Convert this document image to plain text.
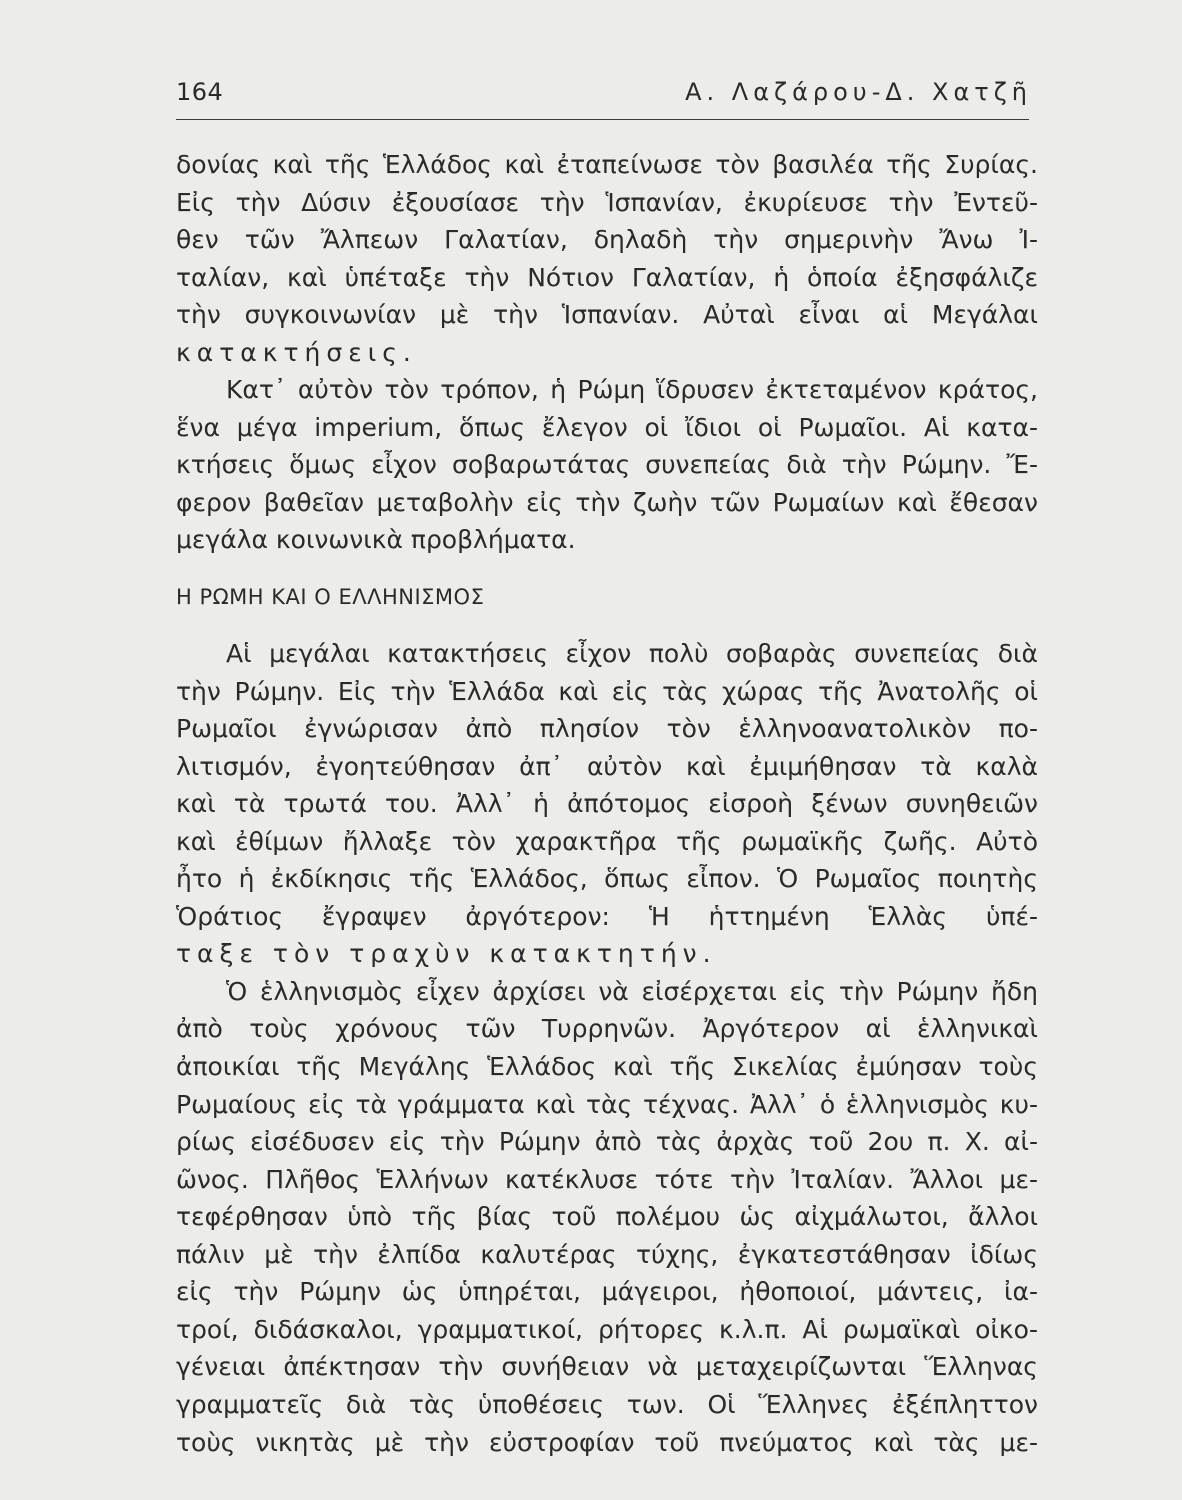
164	Α. Λαζάρου-Δ. Χατζῆ
δονίας καὶ τῆς Ἑλλάδος καὶ ἐταπείνωσε τὸν βασιλέα τῆς Συρίας.
Εἰς τὴν Δύσιν ἐξουσίασε τὴν Ἱσπανίαν, ἐκυρίευσε τὴν Ἐντεῦ-
θεν τῶν Ἄλπεων Γαλατίαν, δηλαδὴ τὴν σημερινὴν Ἄνω Ἰ-
ταλίαν, καὶ ὑπέταξε τὴν Νότιον Γαλατίαν, ἡ ὁποία ἐξησφάλιζε
τὴν συγκοινωνίαν μὲ τὴν Ἱσπανίαν. Αὐταὶ εἶναι αἱ Μεγάλαι
κατακτήσεις.
Κατ᾽ αὐτὸν τὸν τρόπον, ἡ Ρώμη ἵδρυσεν ἐκτεταμένον κράτος,
ἕνα μέγα imperium, ὅπως ἔλεγον οἱ ἴδιοι οἱ Ρωμαῖοι. Αἱ κατα-
κτήσεις ὅμως εἶχον σοβαρωτάτας συνεπείας διὰ τὴν Ρώμην. Ἔ-
φερον βαθεῖαν μεταβολὴν εἰς τὴν ζωὴν τῶν Ρωμαίων καὶ ἔθεσαν
μεγάλα κοινωνικὰ προβλήματα.
Η ΡΩΜΗ ΚΑΙ Ο ΕΛΛΗΝΙΣΜΟΣ
Αἱ μεγάλαι κατακτήσεις εἶχον πολὺ σοβαρὰς συνεπείας διὰ
τὴν Ρώμην. Εἰς τὴν Ἑλλάδα καὶ εἰς τὰς χώρας τῆς Ἀνατολῆς οἱ
Ρωμαῖοι ἐγνώρισαν ἀπὸ πλησίον τὸν ἑλληνοανατολικὸν πο-
λιτισμόν, ἐγοητεύθησαν ἀπ᾽ αὐτὸν καὶ ἐμιμήθησαν τὰ καλὰ
καὶ τὰ τρωτά του. Ἀλλ᾽ ἡ ἀπότομος εἰσροὴ ξένων συνηθειῶν
καὶ ἐθίμων ἤλλαξε τὸν χαρακτῆρα τῆς ρωμαϊκῆς ζωῆς. Αὐτὸ
ἦτο ἡ ἐκδίκησις τῆς Ἑλλάδος, ὅπως εἶπον. Ὁ Ρωμαῖος ποιητὴς
Ὁράτιος ἔγραψεν ἀργότερον: Ἡ ἡττημένη Ἑλλὰς ὑπέ-
ταξε τὸν τραχὺν κατακτητήν.
Ὁ ἑλληνισμὸς εἶχεν ἀρχίσει νὰ εἰσέρχεται εἰς τὴν Ρώμην ἤδη
ἀπὸ τοὺς χρόνους τῶν Τυρρηνῶν. Ἀργότερον αἱ ἑλληνικαὶ
ἀποικίαι τῆς Μεγάλης Ἑλλάδος καὶ τῆς Σικελίας ἐμύησαν τοὺς
Ρωμαίους εἰς τὰ γράμματα καὶ τὰς τέχνας. Ἀλλ᾽ ὁ ἑλληνισμὸς κυ-
ρίως εἰσέδυσεν εἰς τὴν Ρώμην ἀπὸ τὰς ἀρχὰς τοῦ 2ου π. Χ. αἰ-
ῶνος. Πλῆθος Ἑλλήνων κατέκλυσε τότε τὴν Ἰταλίαν. Ἄλλοι με-
τεφέρθησαν ὑπὸ τῆς βίας τοῦ πολέμου ὡς αἰχμάλωτοι, ἄλλοι
πάλιν μὲ τὴν ἐλπίδα καλυτέρας τύχης, ἐγκατεστάθησαν ἰδίως
εἰς τὴν Ρώμην ὡς ὑπηρέται, μάγειροι, ἠθοποιοί, μάντεις, ἰα-
τροί, διδάσκαλοι, γραμματικοί, ρήτορες κ.λ.π. Αἱ ρωμαϊκαὶ οἰκο-
γένειαι ἀπέκτησαν τὴν συνήθειαν νὰ μεταχειρίζωνται Ἕλληνας
γραμματεῖς διὰ τὰς ὑποθέσεις των. Οἱ Ἕλληνες ἐξέπληττον
τοὺς νικητὰς μὲ τὴν εὐστροφίαν τοῦ πνεύματος καὶ τὰς με-
